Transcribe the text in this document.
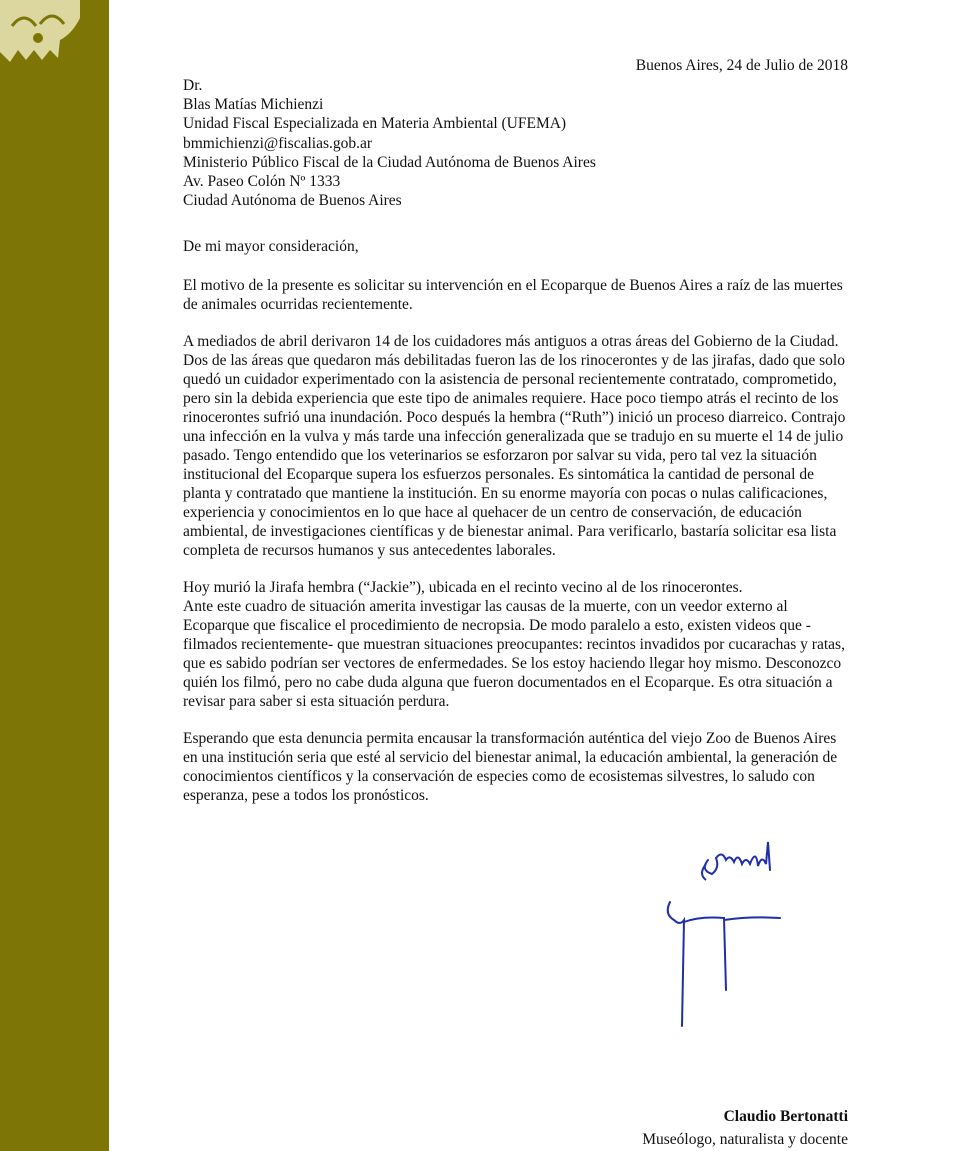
Buenos Aires, 24 de Julio de 2018
Dr.
Blas Matías Michienzi
Unidad Fiscal Especializada en Materia Ambiental (UFEMA)
bmmichienzi@fiscalias.gob.ar
Ministerio Público Fiscal de la Ciudad Autónoma de Buenos Aires
Av. Paseo Colón Nº 1333
Ciudad Autónoma de Buenos Aires

De mi mayor consideración,

El motivo de la presente es solicitar su intervención en el Ecoparque de Buenos Aires a raíz de las muertes de animales ocurridas recientemente.

A mediados de abril derivaron 14 de los cuidadores más antiguos a otras áreas del Gobierno de la Ciudad. Dos de las áreas que quedaron más debilitadas fueron las de los rinocerontes y de las jirafas, dado que solo quedó un cuidador experimentado con la asistencia de personal recientemente contratado, comprometido, pero sin la debida experiencia que este tipo de animales requiere. Hace poco tiempo atrás el recinto de los rinocerontes sufrió una inundación. Poco después la hembra (“Ruth”) inició un proceso diarreico. Contrajo una infección en la vulva y más tarde una infección generalizada que se tradujo en su muerte el 14 de julio pasado. Tengo entendido que los veterinarios se esforzaron por salvar su vida, pero tal vez la situación institucional del Ecoparque supera los esfuerzos personales. Es sintomática la cantidad de personal de planta y contratado que mantiene la institución. En su enorme mayoría con pocas o nulas calificaciones, experiencia y conocimientos en lo que hace al quehacer de un centro de conservación, de educación ambiental, de investigaciones científicas y de bienestar animal. Para verificarlo, bastaría solicitar esa lista completa de recursos humanos y sus antecedentes laborales.

Hoy murió la Jirafa hembra (“Jackie”), ubicada en el recinto vecino al de los rinocerontes.

Ante este cuadro de situación amerita investigar las causas de la muerte, con un veedor externo al Ecoparque que fiscalice el procedimiento de necropsia. De modo paralelo a esto, existen videos que -filmados recientemente- que muestran situaciones preocupantes: recintos invadidos por cucarachas y ratas, que es sabido podrían ser vectores de enfermedades. Se los estoy haciendo llegar hoy mismo. Desconozco quién los filmó, pero no cabe duda alguna que fueron documentados en el Ecoparque. Es otra situación a revisar para saber si esta situación perdura.

Esperando que esta denuncia permita encausar la transformación auténtica del viejo Zoo de Buenos Aires en una institución seria que esté al servicio del bienestar animal, la educación ambiental, la generación de conocimientos científicos y la conservación de especies como de ecosistemas silvestres, lo saludo con esperanza, pese a todos los pronósticos.

Claudio Bertonatti
Museólogo, naturalista y docente
